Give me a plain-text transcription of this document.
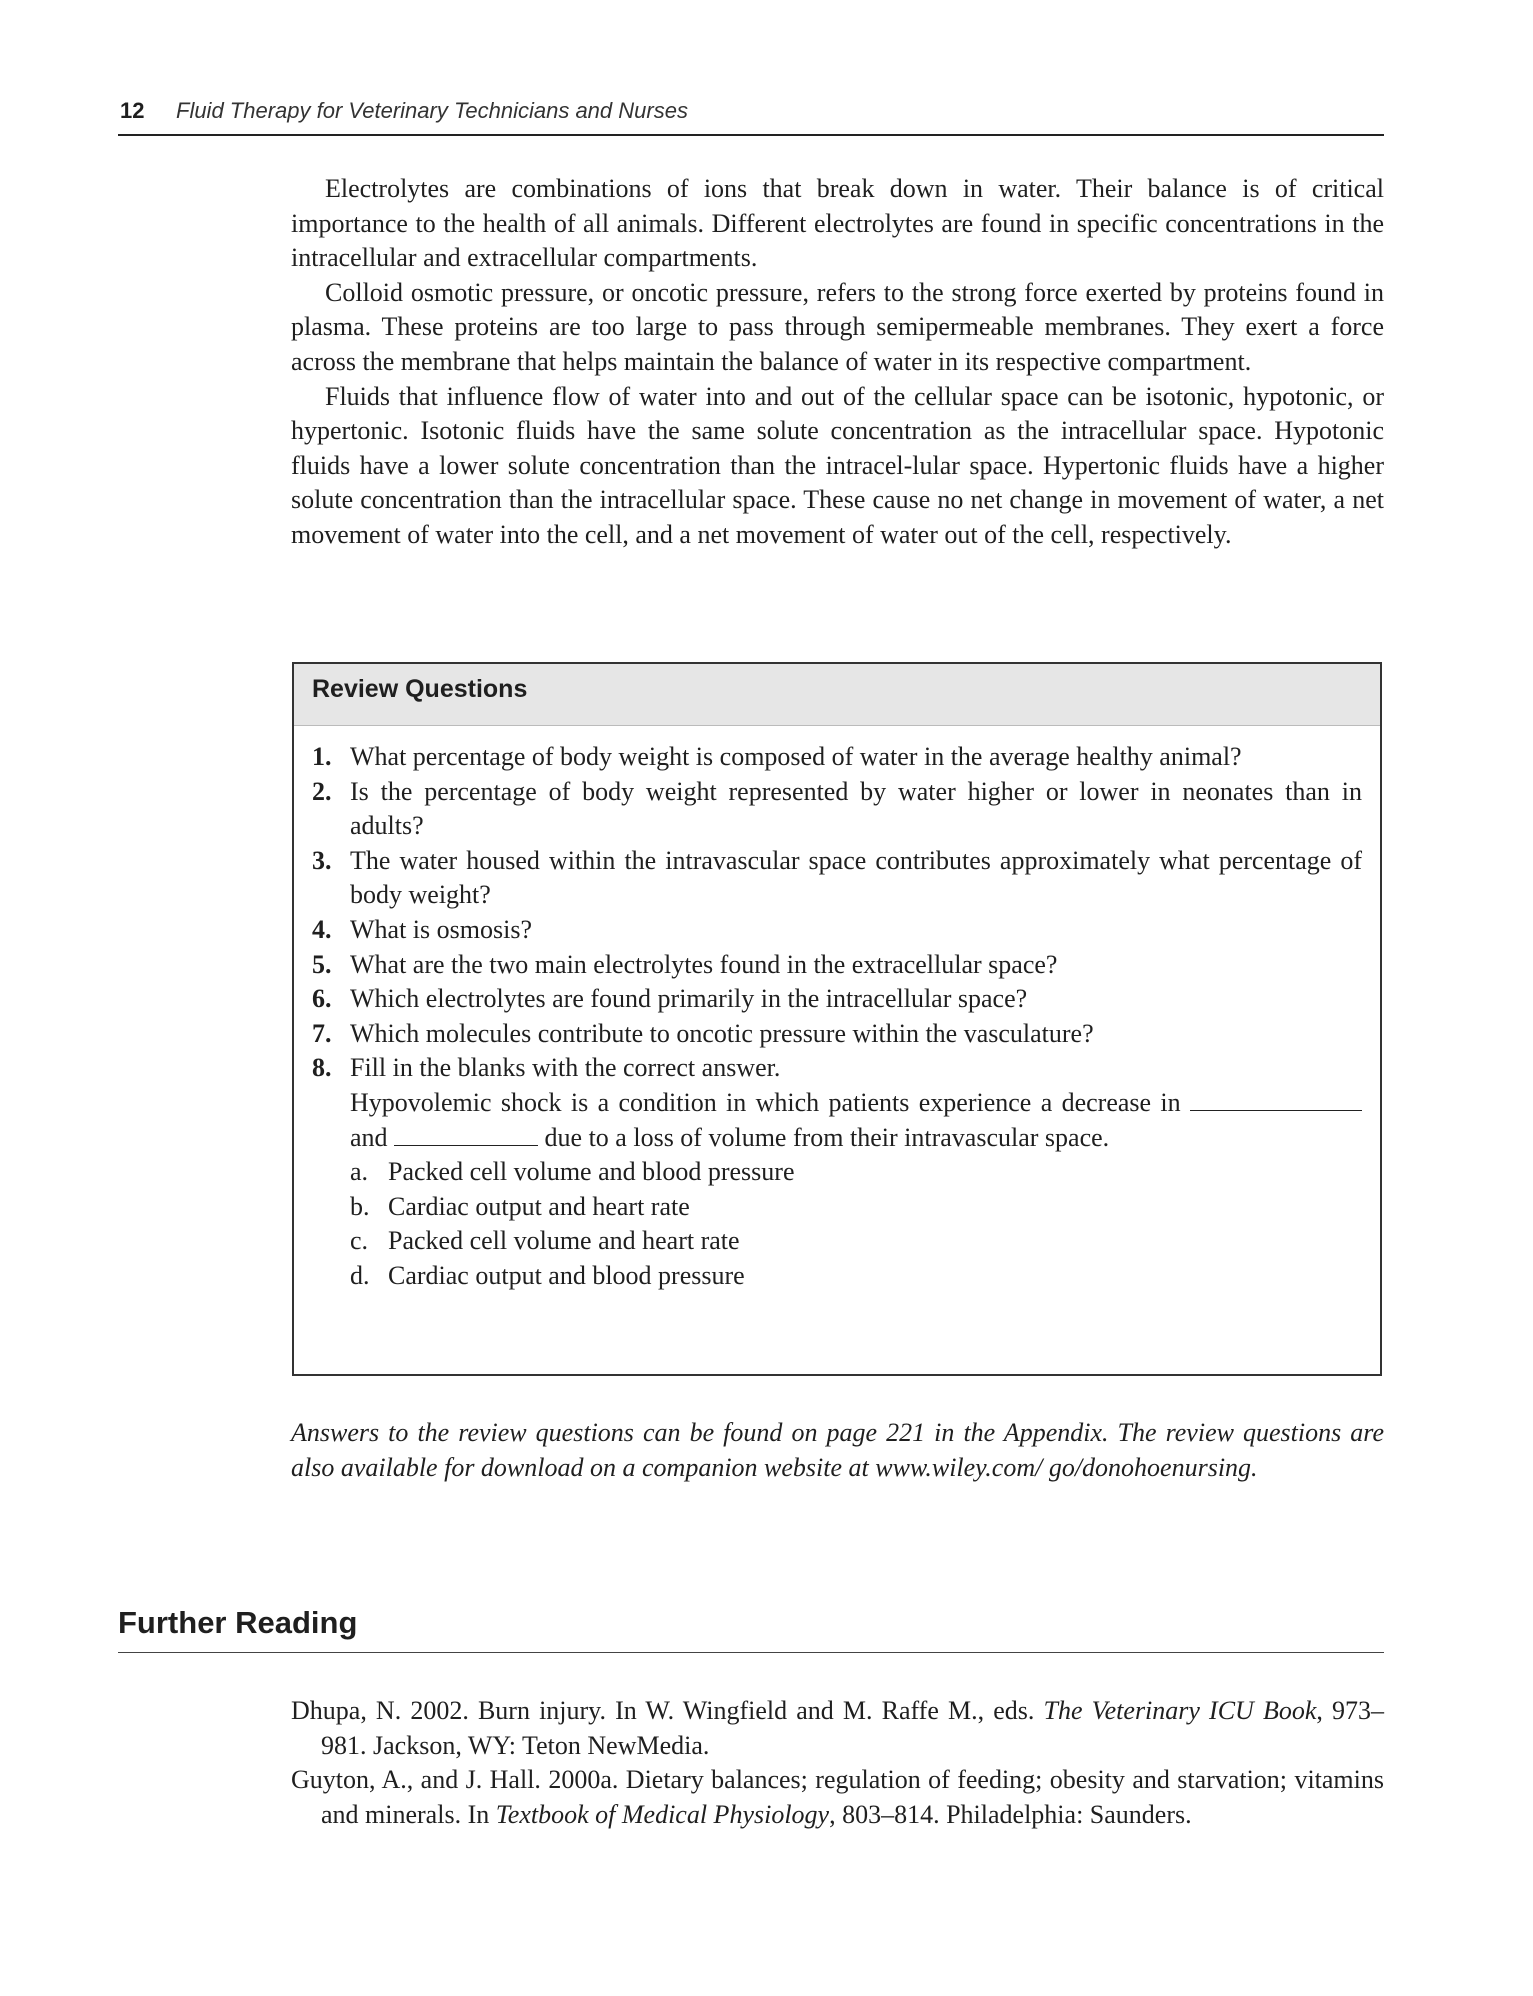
12 Fluid Therapy for Veterinary Technicians and Nurses

Electrolytes are combinations of ions that break down in water. Their balance is of critical importance to the health of all animals. Different electrolytes are found in specific concentrations in the intracellular and extracellular compartments.

Colloid osmotic pressure, or oncotic pressure, refers to the strong force exerted by proteins found in plasma. These proteins are too large to pass through semipermeable membranes. They exert a force across the membrane that helps maintain the balance of water in its respective compartment.

Fluids that influence flow of water into and out of the cellular space can be isotonic, hypotonic, or hypertonic. Isotonic fluids have the same solute concentration as the intracellular space. Hypotonic fluids have a lower solute concentration than the intracel-lular space. Hypertonic fluids have a higher solute concentration than the intracellular space. These cause no net change in movement of water, a net movement of water into the cell, and a net movement of water out of the cell, respectively.

Review Questions
1. What percentage of body weight is composed of water in the average healthy animal?
2. Is the percentage of body weight represented by water higher or lower in neonates than in adults?
3. The water housed within the intravascular space contributes approximately what percentage of body weight?
4. What is osmosis?
5. What are the two main electrolytes found in the extracellular space?
6. Which electrolytes are found primarily in the intracellular space?
7. Which molecules contribute to oncotic pressure within the vasculature?
8. Fill in the blanks with the correct answer.
Hypovolemic shock is a condition in which patients experience a decrease in  and	due to a loss of volume from their intravascular space.
a. Packed cell volume and blood pressure
b. Cardiac output and heart rate
c. Packed cell volume and heart rate
d. Cardiac output and blood pressure

Answers to the review questions can be found on page 221 in the Appendix. The review questions are also available for download on a companion website at www.wiley.com/ go/donohoenursing.

Further Reading

Dhupa, N. 2002. Burn injury. In W. Wingfield and M. Raffe M., eds. The Veterinary ICU Book, 973–981. Jackson, WY: Teton NewMedia.

Guyton, A., and J. Hall. 2000a. Dietary balances; regulation of feeding; obesity and starvation; vitamins and minerals. In Textbook of Medical Physiology, 803–814. Philadelphia: Saunders.
